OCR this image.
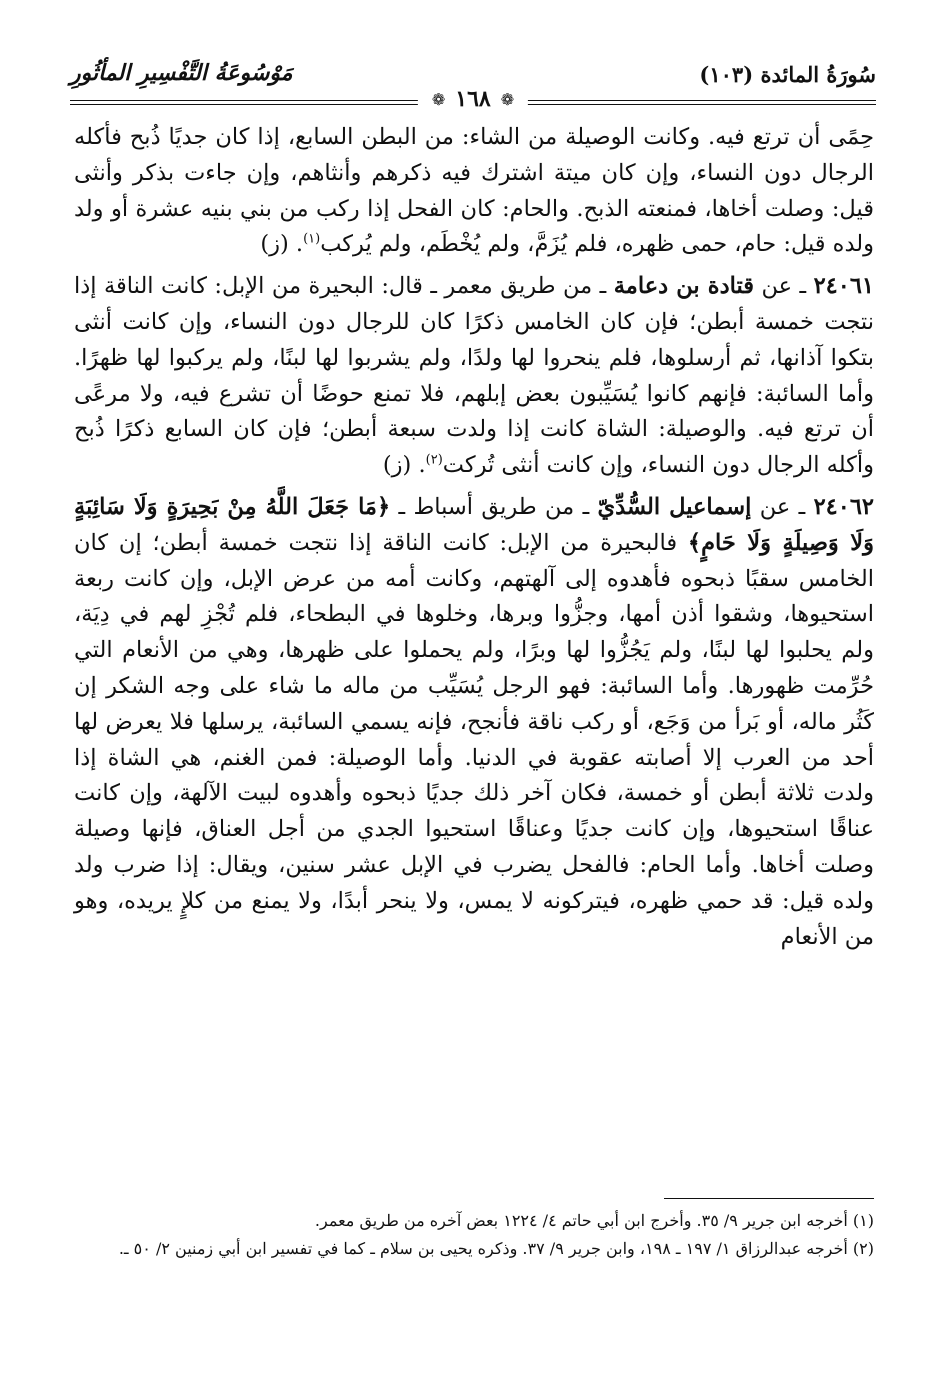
سُورَةُ المائدة (١٠٣)
مَوْسُوعَةُ التَّفْسِيرِ المأثُورِ
❁
١٦٨
❁

حِمًى أن ترتع فيه. وكانت الوصيلة من الشاء: من البطن السابع، إذا كان جديًا ذُبح فأكله الرجال دون النساء، وإن كان ميتة اشترك فيه ذكرهم وأنثاهم، وإن جاءت بذكر وأنثى قيل: وصلت أخاها، فمنعته الذبح. والحام: كان الفحل إذا ركب من بني بنيه عشرة أو ولد ولده قيل: حام، حمى ظهره، فلم يُزَمَّ، ولم يُخْطَم، ولم يُركب$^{(١)}$. (ز)

٢٤٠٦١ ـ عن قتادة بن دعامة ـ من طريق معمر ـ قال: البحيرة من الإبل: كانت الناقة إذا نتجت خمسة أبطن؛ فإن كان الخامس ذكرًا كان للرجال دون النساء، وإن كانت أنثى بتكوا آذانها، ثم أرسلوها، فلم ينحروا لها ولدًا، ولم يشربوا لها لبنًا، ولم يركبوا لها ظهرًا. وأما السائبة: فإنهم كانوا يُسَيِّبون بعض إبلهم، فلا تمنع حوضًا أن تشرع فيه، ولا مرعًى أن ترتع فيه. والوصيلة: الشاة كانت إذا ولدت سبعة أبطن؛ فإن كان السابع ذكرًا ذُبح وأكله الرجال دون النساء، وإن كانت أنثى تُركت$^{(٢)}$. (ز)

٢٤٠٦٢ ـ عن إسماعيل السُّدِّيّ ـ من طريق أسباط ـ ﴿مَا جَعَلَ اللَّهُ مِنْ بَحِيرَةٍ وَلَا سَائِبَةٍ وَلَا وَصِيلَةٍ وَلَا حَامٍ﴾ فالبحيرة من الإبل: كانت الناقة إذا نتجت خمسة أبطن؛ إن كان الخامس سقبًا ذبحوه فأهدوه إلى آلهتهم، وكانت أمه من عرض الإبل، وإن كانت ربعة استحيوها، وشقوا أذن أمها، وجزُّوا وبرها، وخلوها في البطحاء، فلم تُجْزِ لهم في دِيَة، ولم يحلبوا لها لبنًا، ولم يَجُزُّوا لها وبرًا، ولم يحملوا على ظهرها، وهي من الأنعام التي حُرِّمت ظهورها. وأما السائبة: فهو الرجل يُسَيِّب من ماله ما شاء على وجه الشكر إن كَثُر ماله، أو بَرأ من وَجَع، أو ركب ناقة فأنجح، فإنه يسمي السائبة، يرسلها فلا يعرض لها أحد من العرب إلا أصابته عقوبة في الدنيا. وأما الوصيلة: فمن الغنم، هي الشاة إذا ولدت ثلاثة أبطن أو خمسة، فكان آخر ذلك جديًا ذبحوه وأهدوه لبيت الآلهة، وإن كانت عناقًا استحيوها، وإن كانت جديًا وعناقًا استحيوا الجدي من أجل العناق، فإنها وصيلة وصلت أخاها. وأما الحام: فالفحل يضرب في الإبل عشر سنين، ويقال: إذا ضرب ولد ولده قيل: قد حمي ظهره، فيتركونه لا يمس، ولا ينحر أبدًا، ولا يمنع من كلإٍ يريده، وهو من الأنعام

(١) أخرجه ابن جرير ٩/ ٣٥. وأخرج ابن أبي حاتم ٤/ ١٢٢٤ بعض آخره من طريق معمر.

(٢) أخرجه عبدالرزاق ١/ ١٩٧ ـ ١٩٨، وابن جرير ٩/ ٣٧. وذكره يحيى بن سلام ـ كما في تفسير ابن أبي زمنين ٢/ ٥٠ ـ.
